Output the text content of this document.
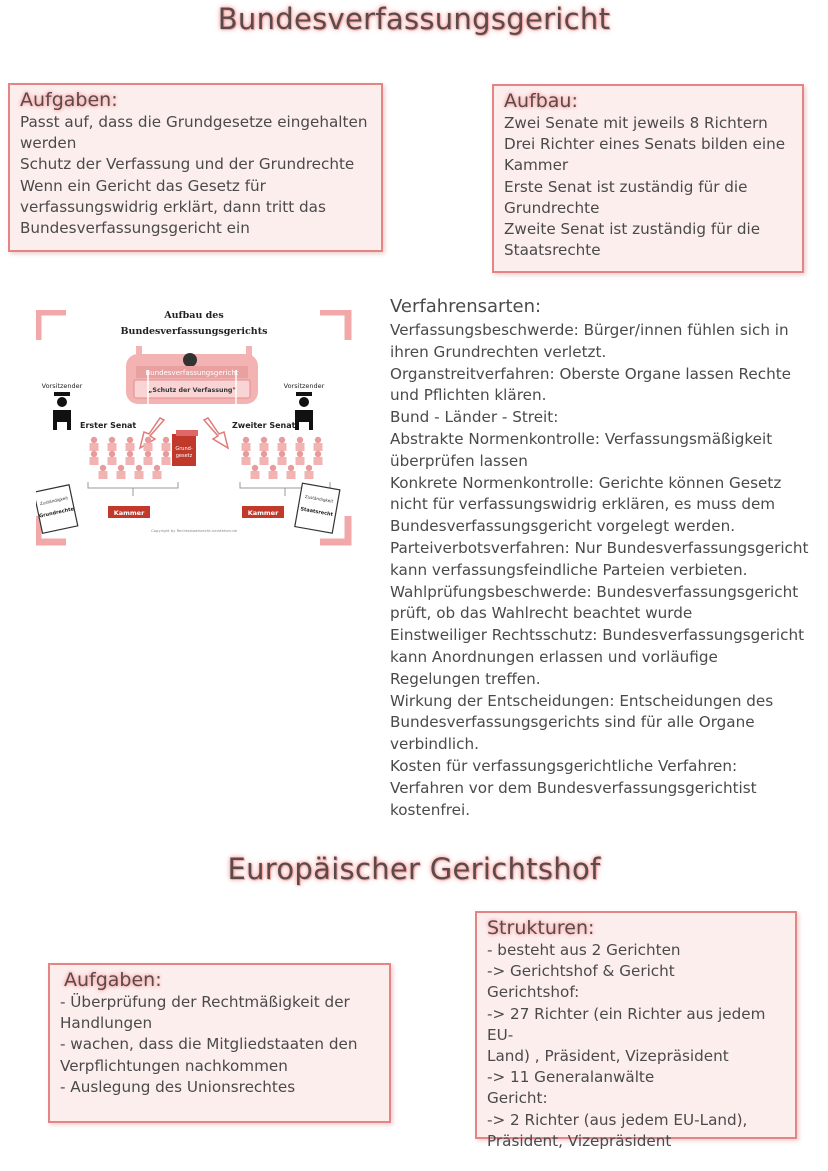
Bundesverfassungsgericht
Aufgaben:
Passt auf, dass die Grundgesetze eingehalten
werden
Schutz der Verfassung und der Grundrechte
Wenn ein Gericht das Gesetz für
verfassungswidrig erklärt, dann tritt das
Bundesverfassungsgericht ein
Aufbau:
Zwei Senate mit jeweils 8 Richtern
Drei Richter eines Senats bilden eine
Kammer
Erste Senat ist zuständig für die
Grundrechte
Zweite Senat ist zuständig für die
Staatsrechte
Aufbau des
Bundesverfassungsgerichts
Bundesverfassungsgericht
„Schutz der Verfassung"
Vorsitzender	Vorsitzender
Erster Senat	Zweiter Senat
Grund-
gesetz
Kammer	Kammer
Zuständigkeit
Grundrechte
Zuständigkeit
Staatsrecht
Copyright by Rechtsstaatsrecht-verstehen.de
Verfahrensarten:
Verfassungsbeschwerde: Bürger/innen fühlen sich in
ihren Grundrechten verletzt.
Organstreitverfahren: Oberste Organe lassen Rechte
und Pflichten klären.
Bund - Länder - Streit:
Abstrakte Normenkontrolle: Verfassungsmäßigkeit
überprüfen lassen
Konkrete Normenkontrolle: Gerichte können Gesetz
nicht für verfassungswidrig erklären, es muss dem
Bundesverfassungsgericht vorgelegt werden.
Parteiverbotsverfahren: Nur Bundesverfassungsgericht
kann verfassungsfeindliche Parteien verbieten.
Wahlprüfungsbeschwerde: Bundesverfassungsgericht
prüft, ob das Wahlrecht beachtet wurde
Einstweiliger Rechtsschutz: Bundesverfassungsgericht
kann Anordnungen erlassen und vorläufige
Regelungen treffen.
Wirkung der Entscheidungen: Entscheidungen des
Bundesverfassungsgerichts sind für alle Organe
verbindlich.
Kosten für verfassungsgerichtliche Verfahren:
Verfahren vor dem Bundesverfassungsgerichtist
kostenfrei.
Europäischer Gerichtshof
Aufgaben:
- Überprüfung der Rechtmäßigkeit der
Handlungen
- wachen, dass die Mitgliedstaaten den
Verpflichtungen nachkommen
- Auslegung des Unionsrechtes
Strukturen:
- besteht aus 2 Gerichten
-> Gerichtshof & Gericht
Gerichtshof:
-> 27 Richter (ein Richter aus jedem EU-
Land) , Präsident, Vizepräsident
-> 11 Generalanwälte
Gericht:
-> 2 Richter (aus jedem EU-Land),
Präsident, Vizepräsident
